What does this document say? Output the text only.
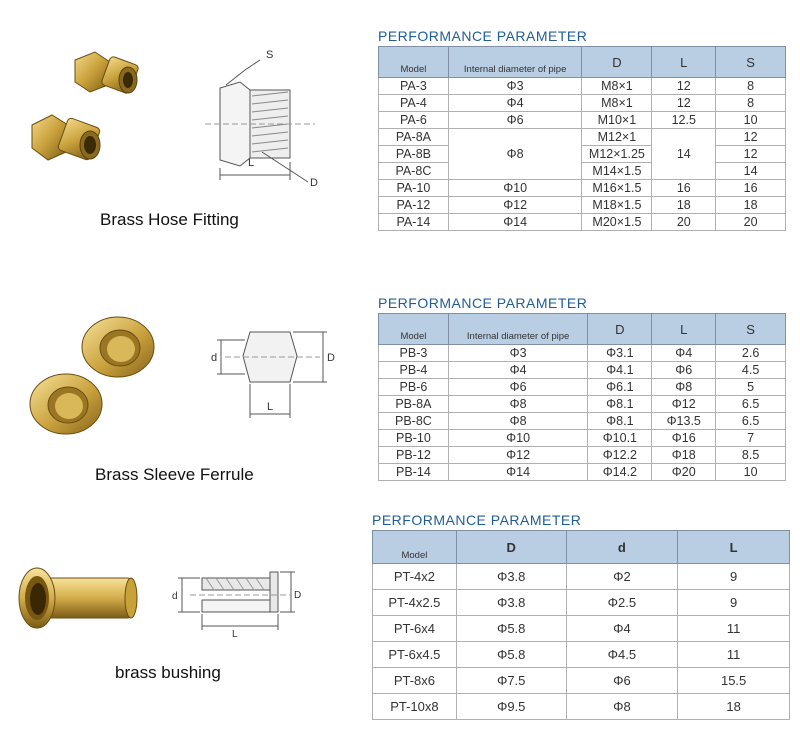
S
L
D
Brass Hose Fitting
PERFORMANCE PARAMETER
Model	Internal diameter of pipe	D	L	S
PA-3	Φ3	M8×1	12	8
PA-4	Φ4	M8×1	12	8
PA-6	Φ6	M10×1	12.5	10
PA-8A	Φ8	M12×1	14	12
PA-8B		M12×1.25		12
PA-8C		M14×1.5		14
PA-10	Φ10	M16×1.5	16	16
PA-12	Φ12	M18×1.5	18	18
PA-14	Φ14	M20×1.5	20	20
d	D
L
Brass Sleeve Ferrule
PERFORMANCE PARAMETER
Model	Internal diameter of pipe	D	L	S
PB-3	Φ3	Φ3.1	Φ4	2.6
PB-4	Φ4	Φ4.1	Φ6	4.5
PB-6	Φ6	Φ6.1	Φ8	5
PB-8A	Φ8	Φ8.1	Φ12	6.5
PB-8C	Φ8	Φ8.1	Φ13.5	6.5
PB-10	Φ10	Φ10.1	Φ16	7
PB-12	Φ12	Φ12.2	Φ18	8.5
PB-14	Φ14	Φ14.2	Φ20	10
d	D
L
brass bushing
PERFORMANCE PARAMETER
Model	D	d	L
PT-4x2	Φ3.8	Φ2	9
PT-4x2.5	Φ3.8	Φ2.5	9
PT-6x4	Φ5.8	Φ4	11
PT-6x4.5	Φ5.8	Φ4.5	11
PT-8x6	Φ7.5	Φ6	15.5
PT-10x8	Φ9.5	Φ8	18
